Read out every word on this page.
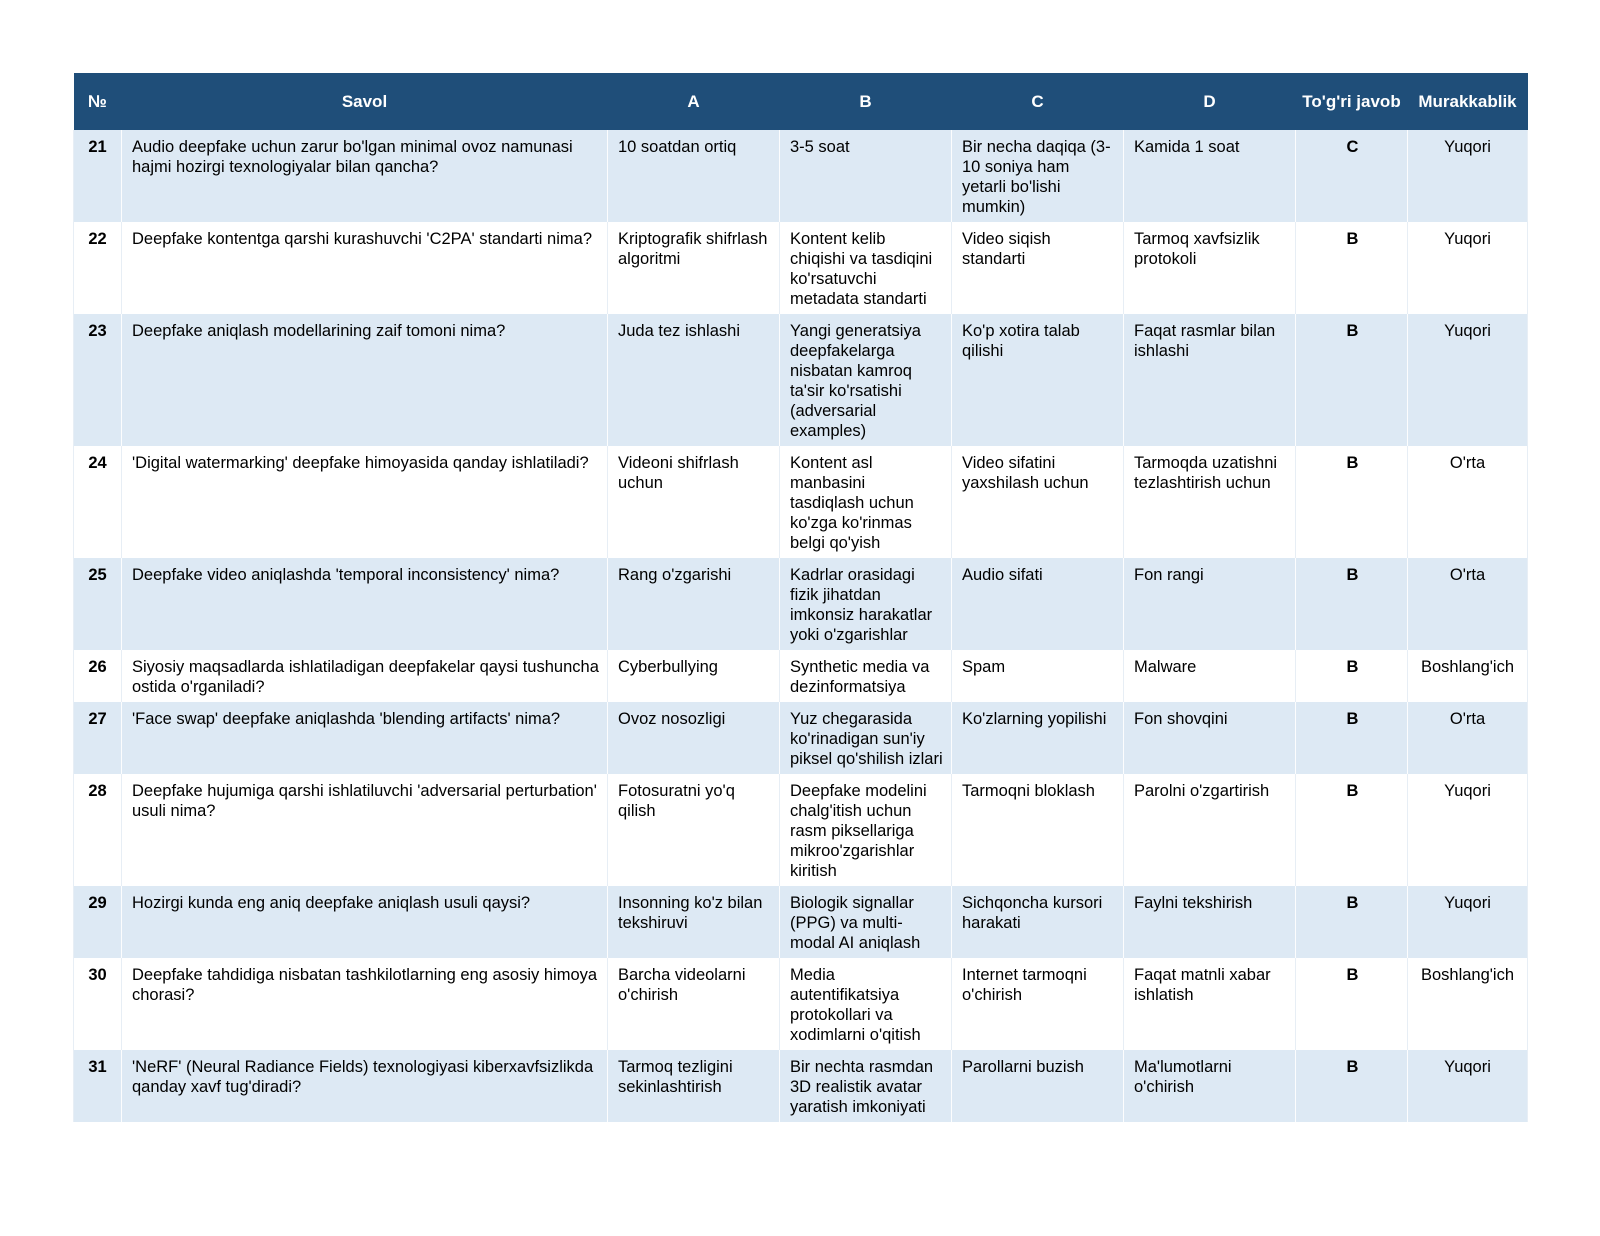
№	Savol	A	B	C	D	To'g'ri javob	Murakkablik
21	Audio deepfake uchun zarur bo'lgan minimal ovoz namunasi hajmi hozirgi texnologiyalar bilan qancha?	10 soatdan ortiq	3-5 soat	Bir necha daqiqa (3-10 soniya ham yetarli bo'lishi mumkin)	Kamida 1 soat	C	Yuqori
22	Deepfake kontentga qarshi kurashuvchi 'C2PA' standarti nima?	Kriptografik shifrlash algoritmi	Kontent kelib chiqishi va tasdiqini ko'rsatuvchi metadata standarti	Video siqish standarti	Tarmoq xavfsizlik protokoli	B	Yuqori
23	Deepfake aniqlash modellarining zaif tomoni nima?	Juda tez ishlashi	Yangi generatsiya deepfakelarga nisbatan kamroq ta'sir ko'rsatishi (adversarial examples)	Ko'p xotira talab qilishi	Faqat rasmlar bilan ishlashi	B	Yuqori
24	'Digital watermarking' deepfake himoyasida qanday ishlatiladi?	Videoni shifrlash uchun	Kontent asl manbasini tasdiqlash uchun ko'zga ko'rinmas belgi qo'yish	Video sifatini yaxshilash uchun	Tarmoqda uzatishni tezlashtirish uchun	B	O'rta
25	Deepfake video aniqlashda 'temporal inconsistency' nima?	Rang o'zgarishi	Kadrlar orasidagi fizik jihatdan imkonsiz harakatlar yoki o'zgarishlar	Audio sifati	Fon rangi	B	O'rta
26	Siyosiy maqsadlarda ishlatiladigan deepfakelar qaysi tushuncha ostida o'rganiladi?	Cyberbullying	Synthetic media va dezinformatsiya	Spam	Malware	B	Boshlang'ich
27	'Face swap' deepfake aniqlashda 'blending artifacts' nima?	Ovoz nosozligi	Yuz chegarasida ko'rinadigan sun'iy piksel qo'shilish izlari	Ko'zlarning yopilishi	Fon shovqini	B	O'rta
28	Deepfake hujumiga qarshi ishlatiluvchi 'adversarial perturbation' usuli nima?	Fotosuratni yo'q qilish	Deepfake modelini chalg'itish uchun rasm piksellariga mikroo'zgarishlar kiritish	Tarmoqni bloklash	Parolni o'zgartirish	B	Yuqori
29	Hozirgi kunda eng aniq deepfake aniqlash usuli qaysi?	Insonning ko'z bilan tekshiruvi	Biologik signallar (PPG) va multi-modal AI aniqlash	Sichqoncha kursori harakati	Faylni tekshirish	B	Yuqori
30	Deepfake tahdidiga nisbatan tashkilotlarning eng asosiy himoya chorasi?	Barcha videolarni o'chirish	Media autentifikatsiya protokollari va xodimlarni o'qitish	Internet tarmoqni o'chirish	Faqat matnli xabar ishlatish	B	Boshlang'ich
31	'NeRF' (Neural Radiance Fields) texnologiyasi kiberxavfsizlikda qanday xavf tug'diradi?	Tarmoq tezligini sekinlashtirish	Bir nechta rasmdan 3D realistik avatar yaratish imkoniyati	Parollarni buzish	Ma'lumotlarni o'chirish	B	Yuqori
